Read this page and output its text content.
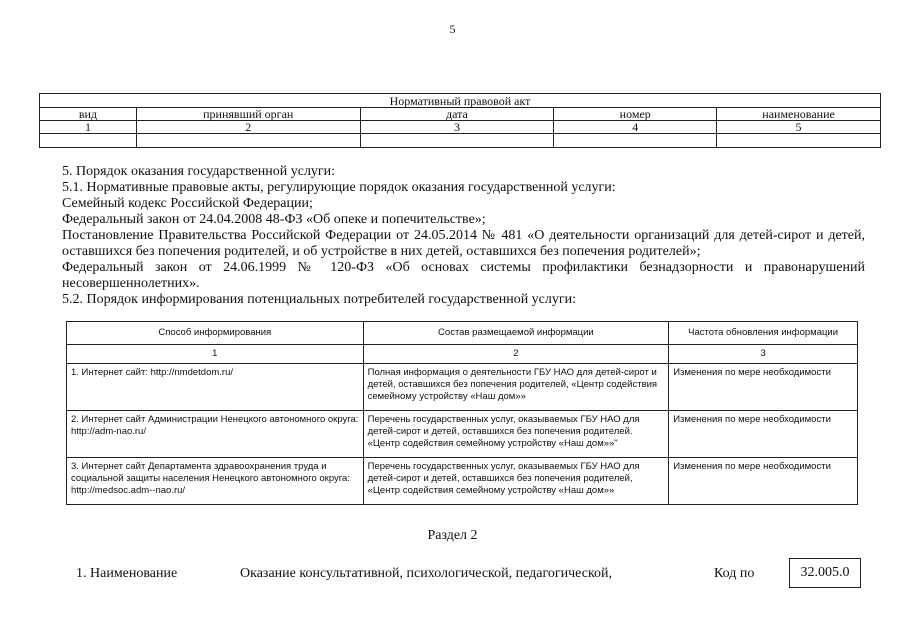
5
Нормативный правовой акт				
вид	принявший орган	дата	номер	наименование
1	2	3	4	5

5. Порядок оказания государственной услуги:

5.1. Нормативные правовые акты, регулирующие порядок оказания государственной услуги:

Семейный кодекс Российской Федерации;

Федеральный закон от 24.04.2008 48-ФЗ «Об опеке и попечительстве»;

Постановление Правительства Российской Федерации от 24.05.2014 № 481 «О деятельности организаций для детей-сирот и детей,

оставшихся без попечения родителей, и об устройстве в них детей, оставшихся без попечения родителей»;

Федеральный закон от 24.06.1999 № 120-ФЗ «Об основах системы профилактики безнадзорности и правонарушений

несовершеннолетних».

5.2. Порядок информирования потенциальных потребителей государственной услуги:

Способ информирования	Состав размещаемой информации	Частота обновления информации
1	2	3
1. Интернет сайт: http://nmdetdom.ru/	Полная информация о деятельности ГБУ НАО для детей-сирот и детей, оставшихся без попечения родителей, «Центр содействия семейному устройству «Наш дом»»	Изменения по мере необходимости
2. Интернет сайт Администрации Ненецкого автономного округа: http://adm-nao.ru/	Перечень государственных услуг, оказываемых ГБУ НАО для детей-сирот и детей, оставшихся без попечения родителей. «Центр содействия семейному устройству «Наш дом»»"	Изменения по мере необходимости
3. Интернет сайт Департамента здравоохранения труда и социальной защиты населения Ненецкого автономного округа: http://medsoc.adm--nao.ru/	Перечень государственных услуг, оказываемых ГБУ НАО для детей-сирот и детей, оставшихся без попечения родителей, «Центр содействия семейному устройству «Наш дом»»	Изменения по мере необходимости
Раздел 2
1. Наименование	Оказание консультативной, психологической, педагогической,	Код по	32.005.0
